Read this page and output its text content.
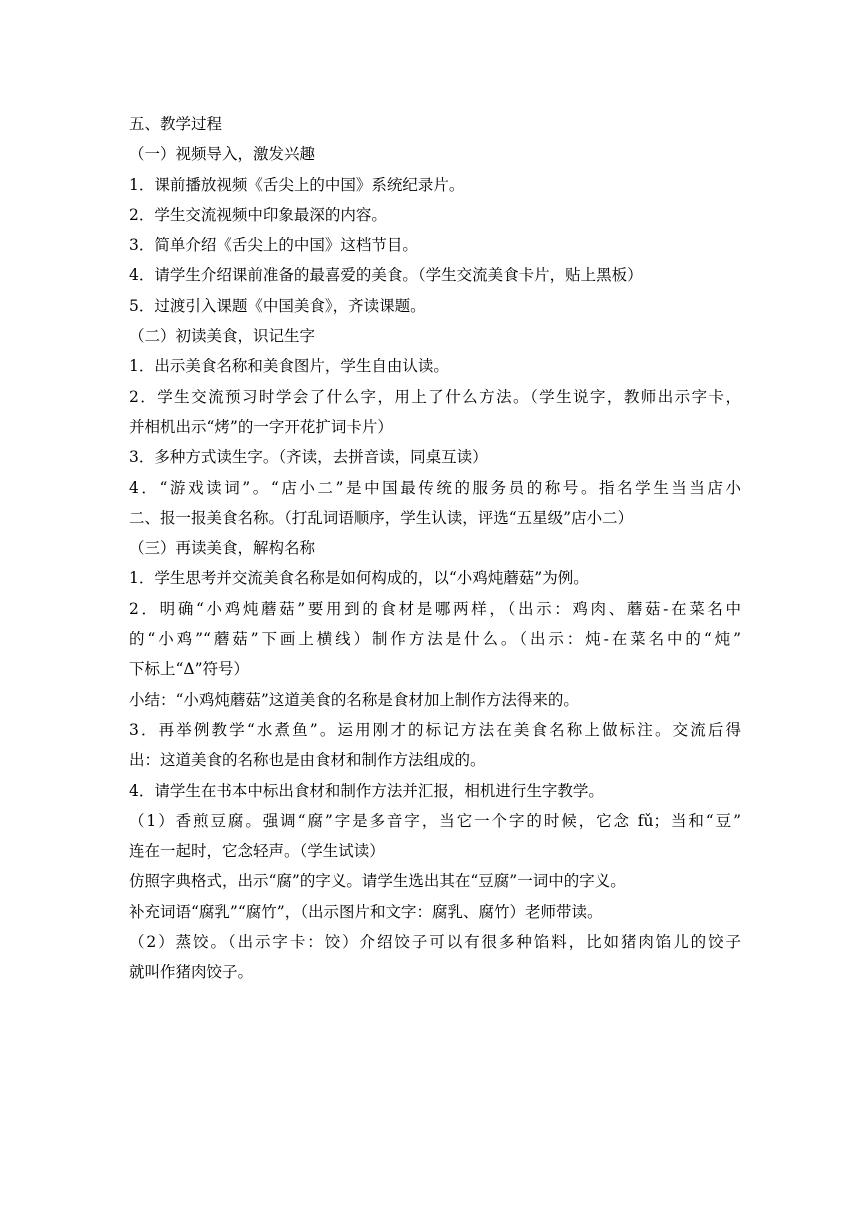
五、教学过程
（一）视频导入，激发兴趣
1．课前播放视频《舌尖上的中国》系统纪录片。
2．学生交流视频中印象最深的内容。
3．简单介绍《舌尖上的中国》这档节目。
4．请学生介绍课前准备的最喜爱的美食。（学生交流美食卡片，贴上黑板）
5．过渡引入课题《中国美食》，齐读课题。
（二）初读美食，识记生字
1．出示美食名称和美食图片，学生自由认读。
2．学生交流预习时学会了什么字，用上了什么方法。（学生说字，教师出示字卡，
并相机出示“烤”的一字开花扩词卡片）
3．多种方式读生字。（齐读，去拼音读，同桌互读）
4．“游戏读词”。“店小二”是中国最传统的服务员的称号。指名学生当当店小
二、报一报美食名称。（打乱词语顺序，学生认读，评选“五星级”店小二）
（三）再读美食，解构名称
1．学生思考并交流美食名称是如何构成的，以“小鸡炖蘑菇”为例。
2．明确“小鸡炖蘑菇”要用到的食材是哪两样，（出示：鸡肉、蘑菇-在菜名中
的“小鸡”“蘑菇”下画上横线）制作方法是什么。（出示：炖-在菜名中的“炖”
下标上“Δ”符号）
小结：“小鸡炖蘑菇”这道美食的名称是食材加上制作方法得来的。
3．再举例教学“水煮鱼”。运用刚才的标记方法在美食名称上做标注。交流后得
出：这道美食的名称也是由食材和制作方法组成的。
4．请学生在书本中标出食材和制作方法并汇报，相机进行生字教学。
（1）香煎豆腐。强调“腐”字是多音字，当它一个字的时候，它念 fǔ；当和“豆”
连在一起时，它念轻声。（学生试读）
仿照字典格式，出示“腐”的字义。请学生选出其在“豆腐”一词中的字义。
补充词语“腐乳”“腐竹”，（出示图片和文字：腐乳、腐竹）老师带读。
（2）蒸饺。（出示字卡：饺）介绍饺子可以有很多种馅料，比如猪肉馅儿的饺子
就叫作猪肉饺子。
